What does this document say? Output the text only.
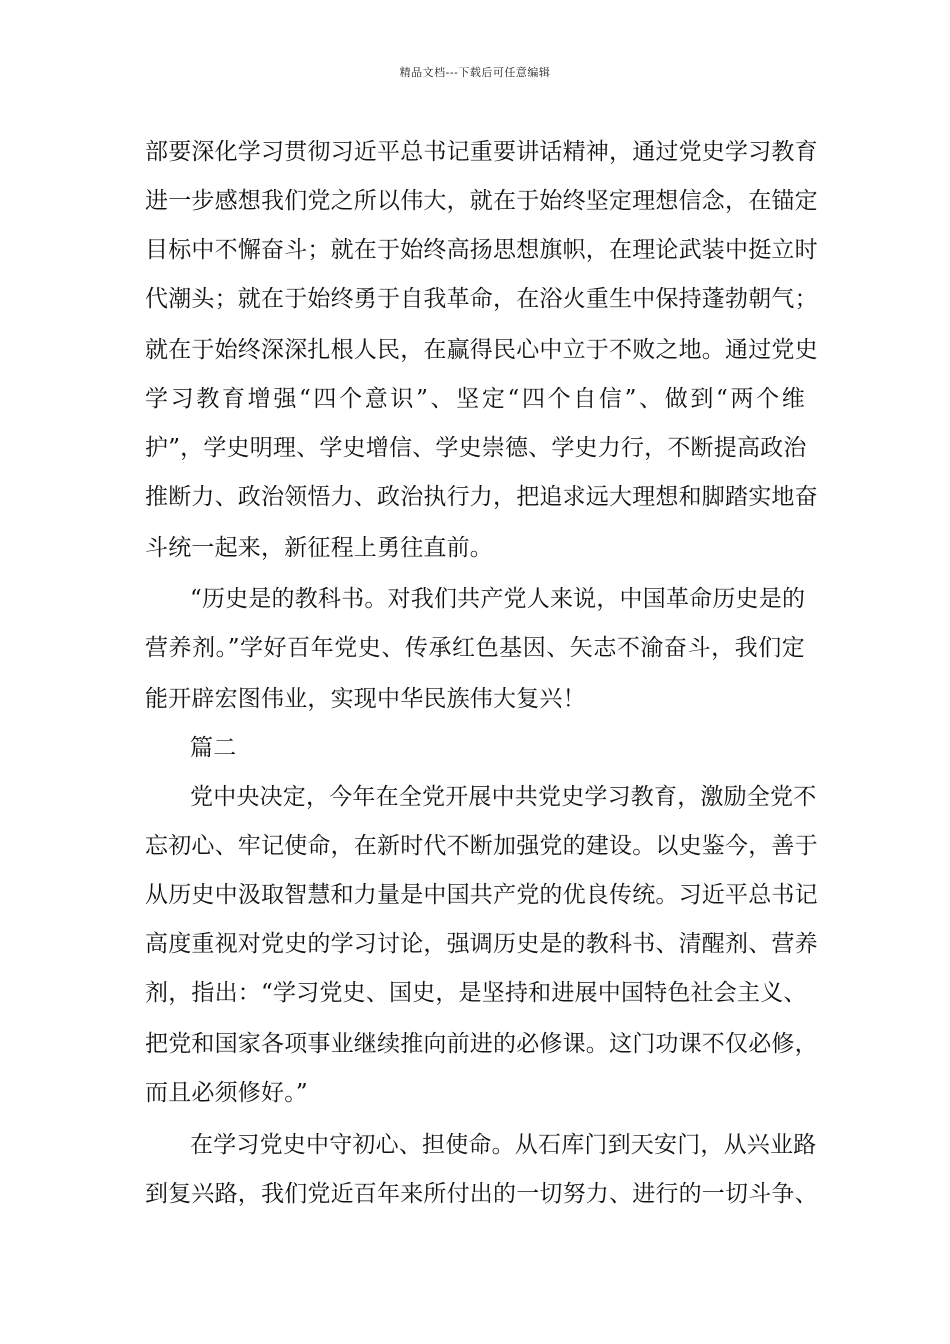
精品文档---下载后可任意编辑
部要深化学习贯彻习近平总书记重要讲话精神，通过党史学习教育
进一步感想我们党之所以伟大，就在于始终坚定理想信念，在锚定
目标中不懈奋斗；就在于始终高扬思想旗帜，在理论武装中挺立时
代潮头；就在于始终勇于自我革命，在浴火重生中保持蓬勃朝气；
就在于始终深深扎根人民，在赢得民心中立于不败之地。通过党史
学习教育增强“四个意识”、坚定“四个自信”、做到“两个维
护”，学史明理、学史增信、学史崇德、学史力行，不断提高政治
推断力、政治领悟力、政治执行力，把追求远大理想和脚踏实地奋
斗统一起来，新征程上勇往直前。
“历史是的教科书。对我们共产党人来说，中国革命历史是的
营养剂。”学好百年党史、传承红色基因、矢志不渝奋斗，我们定
能开辟宏图伟业，实现中华民族伟大复兴！
篇二
党中央决定，今年在全党开展中共党史学习教育，激励全党不
忘初心、牢记使命，在新时代不断加强党的建设。以史鉴今，善于
从历史中汲取智慧和力量是中国共产党的优良传统。习近平总书记
高度重视对党史的学习讨论，强调历史是的教科书、清醒剂、营养
剂，指出：“学习党史、国史，是坚持和进展中国特色社会主义、
把党和国家各项事业继续推向前进的必修课。这门功课不仅必修，
而且必须修好。”
在学习党史中守初心、担使命。从石库门到天安门，从兴业路
到复兴路，我们党近百年来所付出的一切努力、进行的一切斗争、
